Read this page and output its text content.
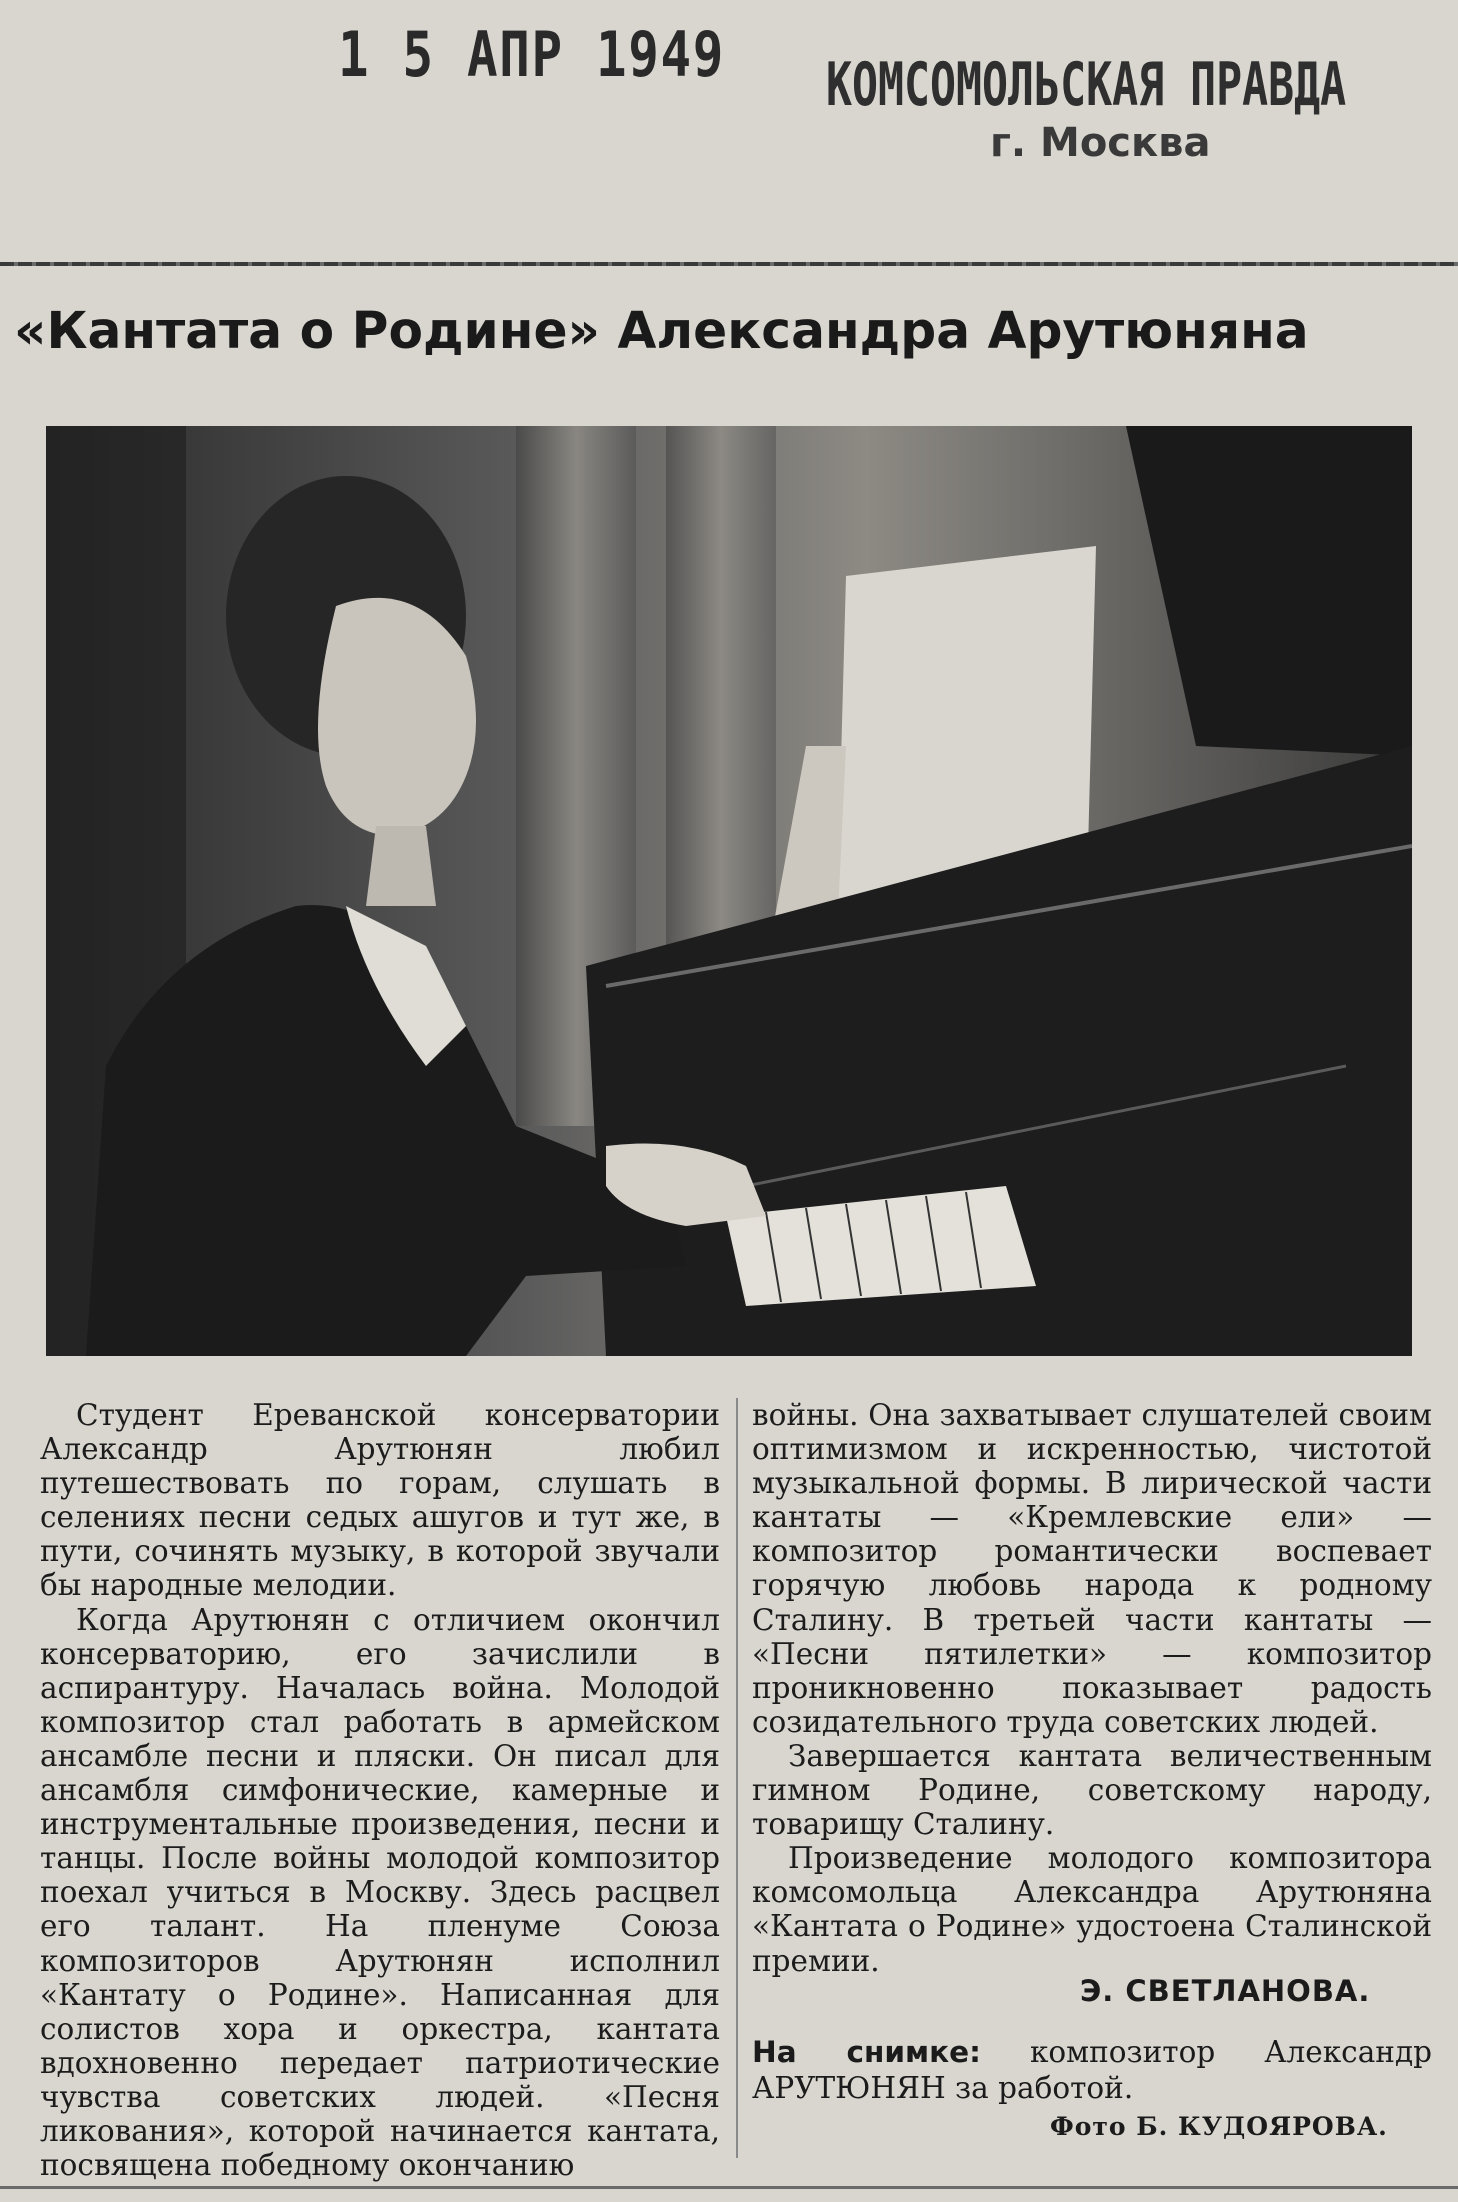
1 5 АПР 1949 КОМСОМОЛЬСКАЯ ПРАВДА
г. Москва
«Кантата о Родине» Александра Арутюняна

Студент Ереванской консерватории Александр Арутюнян любил путешествовать по горам, слушать в селениях песни седых ашугов и тут же, в пути, сочинять музыку, в которой звучали бы народные мелодии.

Когда Арутюнян с отличием окончил консерваторию, его зачислили в аспирантуру. Началась война. Молодой композитор стал работать в армейском ансамбле песни и пляски. Он писал для ансамбля симфонические, камерные и инструментальные произведения, песни и танцы. После войны молодой композитор поехал учиться в Москву. Здесь расцвел его талант. На пленуме Союза композиторов Арутюнян исполнил «Кантату о Родине». Написанная для солистов хора и оркестра, кантата вдохновенно передает патриотические чувства советских людей. «Песня ликования», которой начинается кантата, посвящена победному окончанию

войны. Она захватывает слушателей своим оптимизмом и искренностью, чистотой музыкальной формы. В лирической части кантаты — «Кремлевские ели» — композитор романтически воспевает горячую любовь народа к родному Сталину. В третьей части кантаты — «Песни пятилетки» — композитор проникновенно показывает радость созидательного труда советских людей.

Завершается кантата величественным гимном Родине, советскому народу, товарищу Сталину.

Произведение молодого композитора комсомольца Александра Арутюняна «Кантата о Родине» удостоена Сталинской премии.

Э. СВЕТЛАНОВА.
На снимке: композитор Александр АРУТЮНЯН за работой.
Фото Б. КУДОЯРОВА.
